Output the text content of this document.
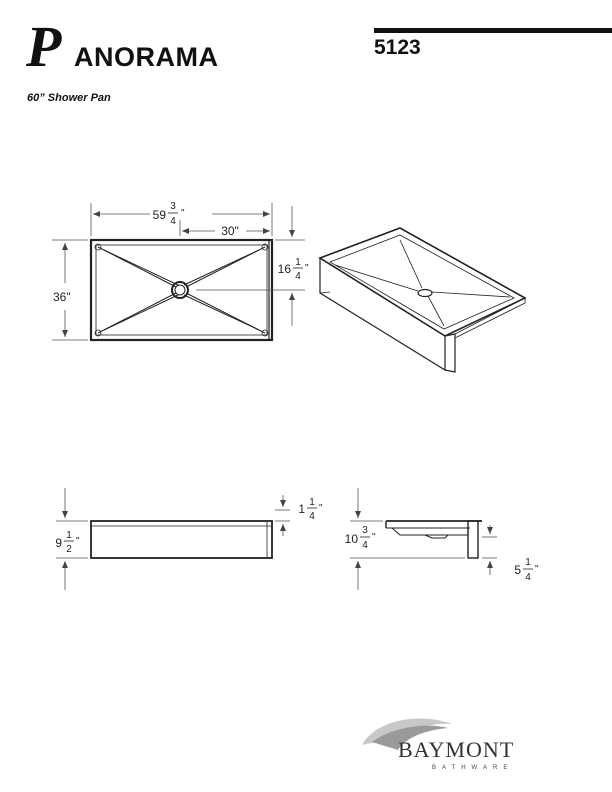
P ANORAMA
60” Shower Pan
5123
59
3
4
"
30"
36"
16 1
4
"
9
1
2
"
1 1
4
"
10
3
4
"
5
1
4
"
BAYMONT
BATHWARE
